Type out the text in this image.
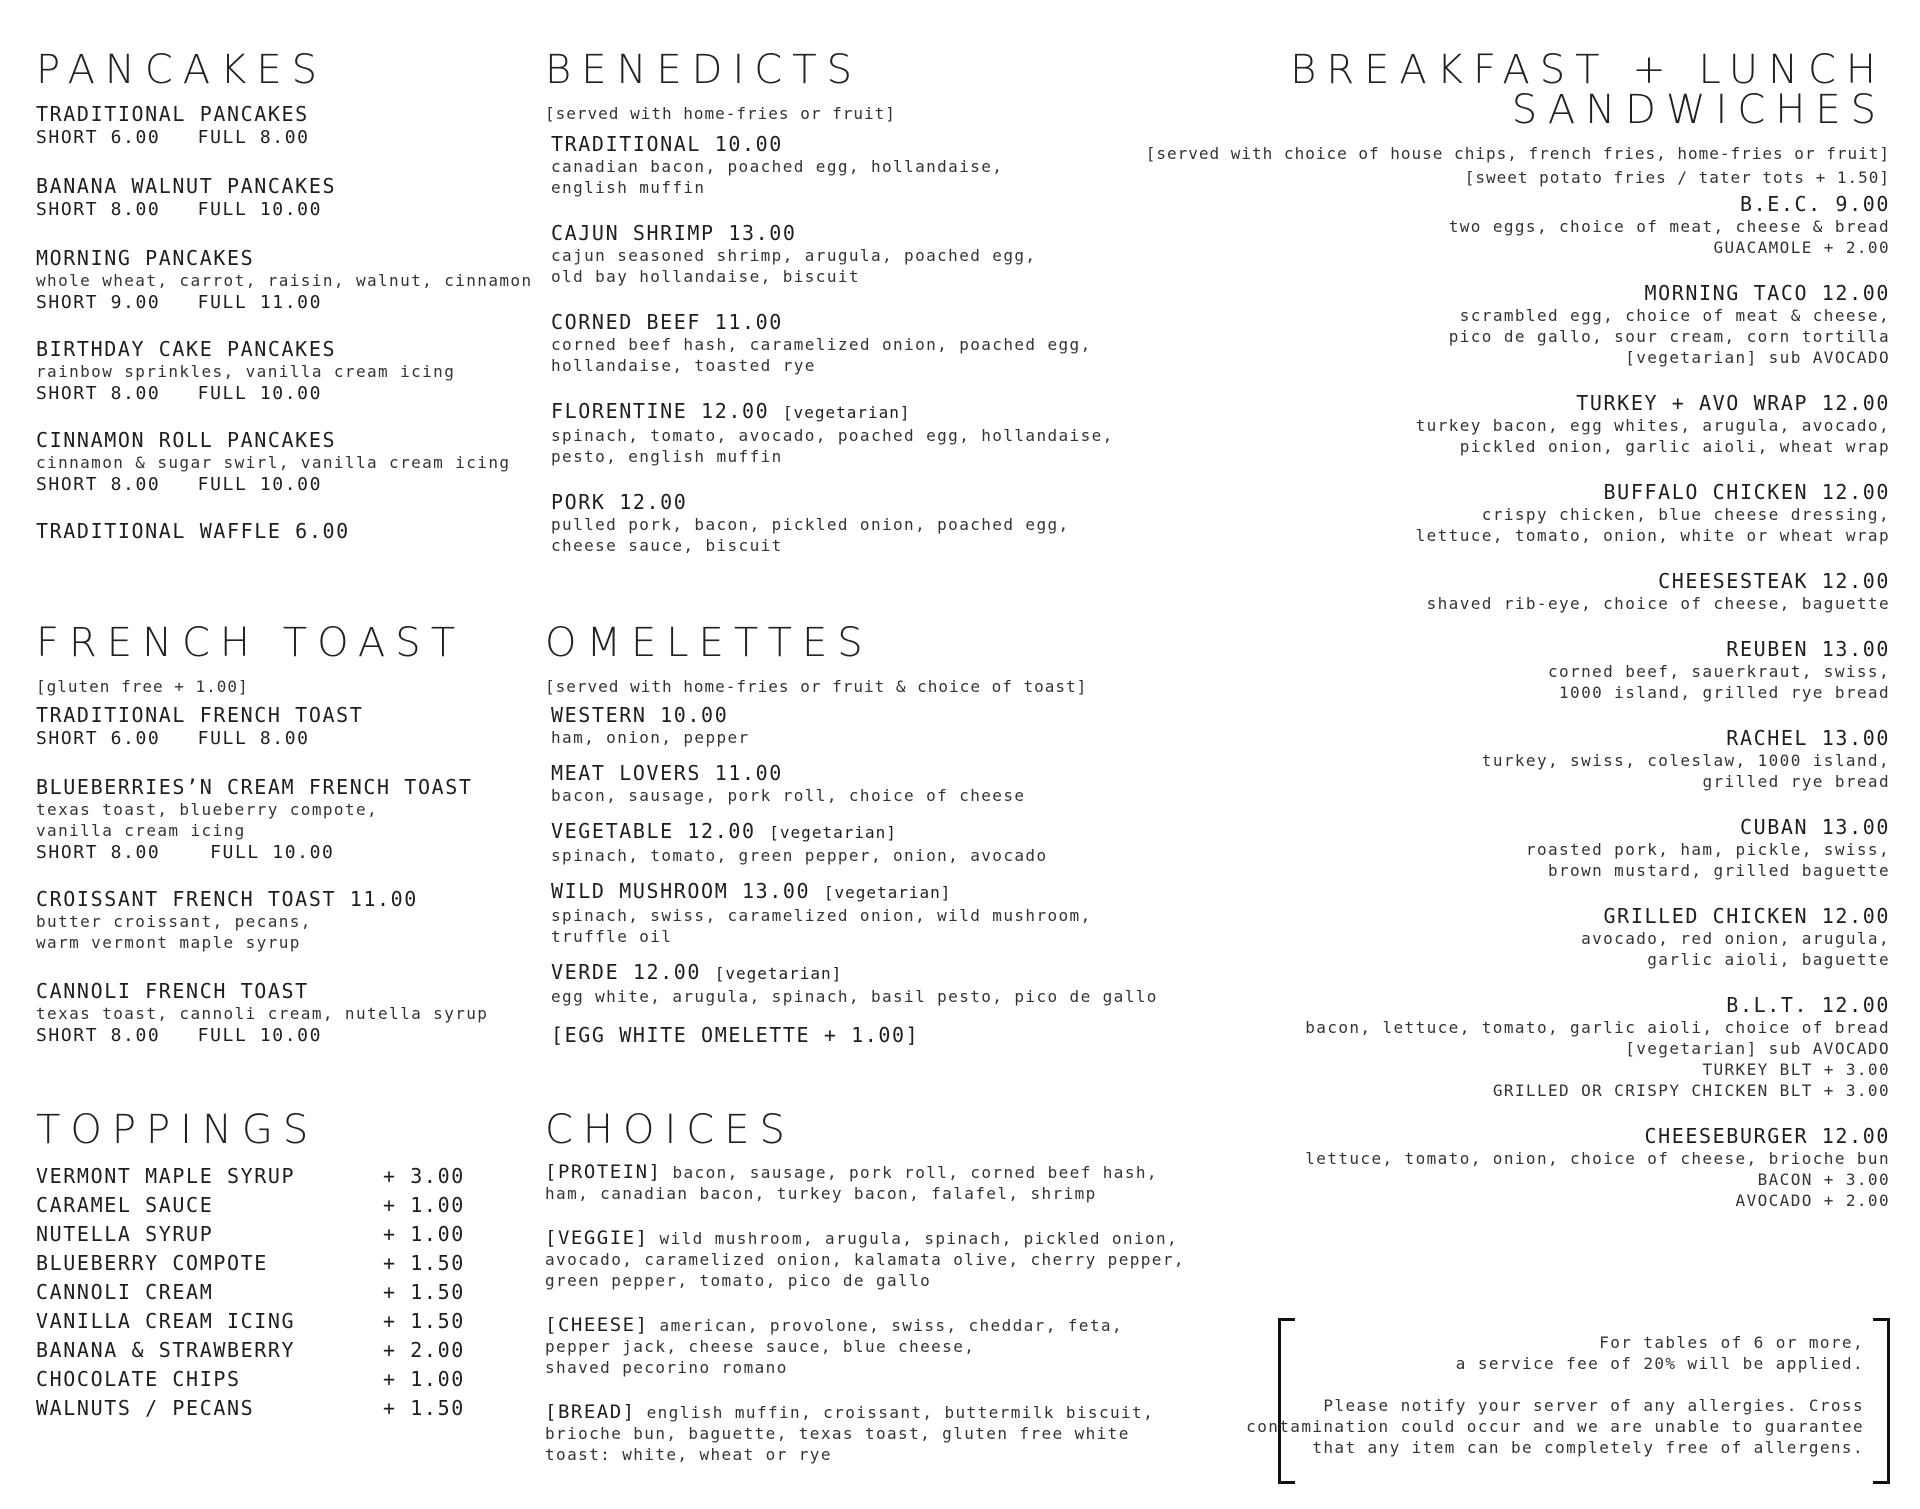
PANCAKES
TRADITIONAL PANCAKES
SHORT 6.00   FULL 8.00
BANANA WALNUT PANCAKES
SHORT 8.00   FULL 10.00
MORNING PANCAKES
whole wheat, carrot, raisin, walnut, cinnamon
SHORT 9.00   FULL 11.00
BIRTHDAY CAKE PANCAKES
rainbow sprinkles, vanilla cream icing
SHORT 8.00   FULL 10.00
CINNAMON ROLL PANCAKES
cinnamon & sugar swirl, vanilla cream icing
SHORT 8.00   FULL 10.00
TRADITIONAL WAFFLE 6.00
FRENCH TOAST
[gluten free + 1.00]
TRADITIONAL FRENCH TOAST
SHORT 6.00   FULL 8.00
BLUEBERRIES’N CREAM FRENCH TOAST
texas toast, blueberry compote,
vanilla cream icing
SHORT 8.00    FULL 10.00
CROISSANT FRENCH TOAST 11.00
butter croissant, pecans,
warm vermont maple syrup
CANNOLI FRENCH TOAST
texas toast, cannoli cream, nutella syrup
SHORT 8.00   FULL 10.00
TOPPINGS
VERMONT MAPLE SYRUP	+ 3.00
CARAMEL SAUCE	+ 1.00
NUTELLA SYRUP	+ 1.00
BLUEBERRY COMPOTE	+ 1.50
CANNOLI CREAM	+ 1.50
VANILLA CREAM ICING	+ 1.50
BANANA & STRAWBERRY	+ 2.00
CHOCOLATE CHIPS	+ 1.00
WALNUTS / PECANS	+ 1.50
BENEDICTS
[served with home-fries or fruit]
TRADITIONAL 10.00
canadian bacon, poached egg, hollandaise,
english muffin
CAJUN SHRIMP 13.00
cajun seasoned shrimp, arugula, poached egg,
old bay hollandaise, biscuit
CORNED BEEF 11.00
corned beef hash, caramelized onion, poached egg,
hollandaise, toasted rye
FLORENTINE 12.00 [vegetarian]
spinach, tomato, avocado, poached egg, hollandaise,
pesto, english muffin
PORK 12.00
pulled pork, bacon, pickled onion, poached egg,
cheese sauce, biscuit
OMELETTES
[served with home-fries or fruit & choice of toast]
WESTERN 10.00
ham, onion, pepper
MEAT LOVERS 11.00
bacon, sausage, pork roll, choice of cheese
VEGETABLE 12.00 [vegetarian]
spinach, tomato, green pepper, onion, avocado
WILD MUSHROOM 13.00 [vegetarian]
spinach, swiss, caramelized onion, wild mushroom,
truffle oil
VERDE 12.00 [vegetarian]
egg white, arugula, spinach, basil pesto, pico de gallo
[EGG WHITE OMELETTE + 1.00]
CHOICES
[PROTEIN] bacon, sausage, pork roll, corned beef hash,
ham, canadian bacon, turkey bacon, falafel, shrimp
[VEGGIE] wild mushroom, arugula, spinach, pickled onion,
avocado, caramelized onion, kalamata olive, cherry pepper,
green pepper, tomato, pico de gallo
[CHEESE] american, provolone, swiss, cheddar, feta,
pepper jack, cheese sauce, blue cheese,
shaved pecorino romano
[BREAD] english muffin, croissant, buttermilk biscuit,
brioche bun, baguette, texas toast, gluten free white
toast: white, wheat or rye
BREAKFAST + LUNCH
SANDWICHES
[served with choice of house chips, french fries, home-fries or fruit]
[sweet potato fries / tater tots + 1.50]
B.E.C. 9.00
two eggs, choice of meat, cheese & bread
GUACAMOLE + 2.00
MORNING TACO 12.00
scrambled egg, choice of meat & cheese,
pico de gallo, sour cream, corn tortilla
[vegetarian] sub AVOCADO
TURKEY + AVO WRAP 12.00
turkey bacon, egg whites, arugula, avocado,
pickled onion, garlic aioli, wheat wrap
BUFFALO CHICKEN 12.00
crispy chicken, blue cheese dressing,
lettuce, tomato, onion, white or wheat wrap
CHEESESTEAK 12.00
shaved rib-eye, choice of cheese, baguette
REUBEN 13.00
corned beef, sauerkraut, swiss,
1000 island, grilled rye bread
RACHEL 13.00
turkey, swiss, coleslaw, 1000 island,
grilled rye bread
CUBAN 13.00
roasted pork, ham, pickle, swiss,
brown mustard, grilled baguette
GRILLED CHICKEN 12.00
avocado, red onion, arugula,
garlic aioli, baguette
B.L.T. 12.00
bacon, lettuce, tomato, garlic aioli, choice of bread
[vegetarian] sub AVOCADO
TURKEY BLT + 3.00
GRILLED OR CRISPY CHICKEN BLT + 3.00
CHEESEBURGER 12.00
lettuce, tomato, onion, choice of cheese, brioche bun
BACON + 3.00
AVOCADO + 2.00
For tables of 6 or more,
a service fee of 20% will be applied.

Please notify your server of any allergies. Cross
contamination could occur and we are unable to guarantee
that any item can be completely free of allergens.
